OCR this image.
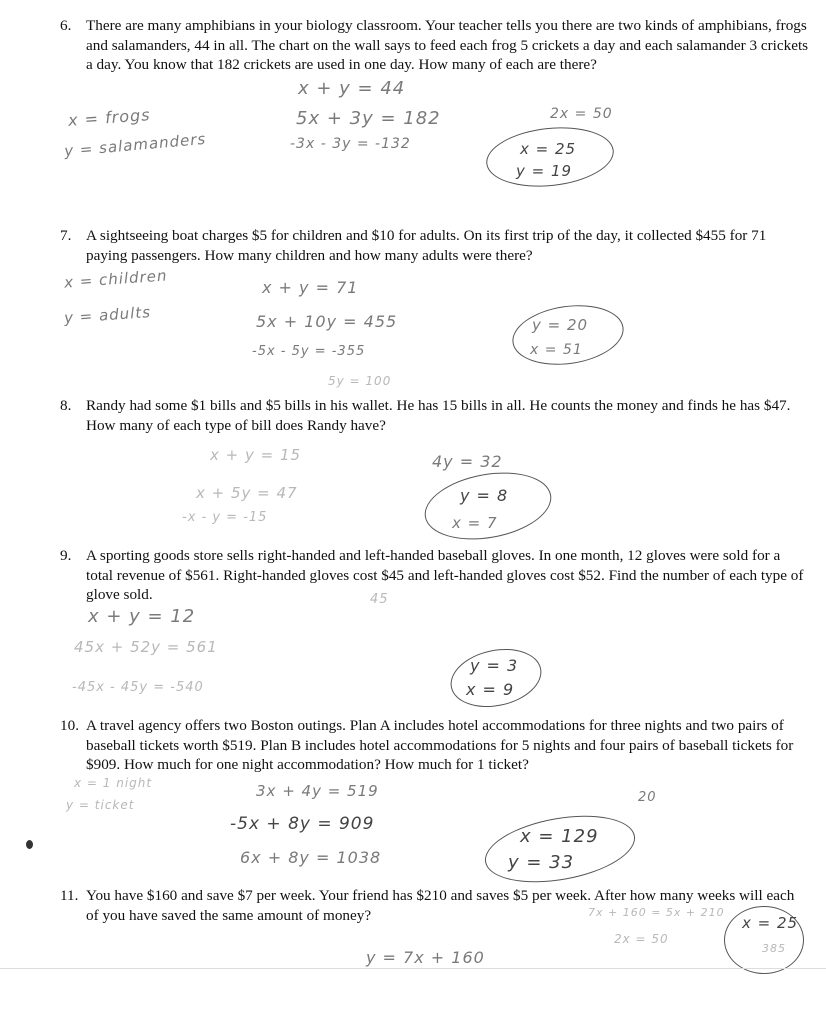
6. There are many amphibians in your biology classroom. Your teacher tells you there are two kinds of amphibians, frogs and salamanders, 44 in all. The chart on the wall says to feed each frog 5 crickets a day and each salamander 3 crickets a day. You know that 182 crickets are used in one day. How many of each are there?
x + y = 44
x = frogs	5x + 3y = 182	2x = 50
y = salamanders	-3x - 3y = -132	x = 25
y = 19
7. A sightseeing boat charges $5 for children and $10 for adults. On its first trip of the day, it collected $455 for 71 paying passengers. How many children and how many adults were there?
x = children	x + y = 71
y = adults	5x + 10y = 455	y = 20
x = 51
-5x - 5y = -355
5y = 100
8. Randy had some $1 bills and $5 bills in his wallet. He has 15 bills in all. He counts the money and finds he has $47. How many of each type of bill does Randy have?
x + y = 15	4y = 32
x + 5y = 47	y = 8
-x - y = -15	x = 7
9. A sporting goods store sells right-handed and left-handed baseball gloves. In one month, 12 gloves were sold for a total revenue of $561. Right-handed gloves cost $45 and left-handed gloves cost $52. Find the number of each type of glove sold.	45
x + y = 12
45x + 52y = 561
y = 3
-45x - 45y = -540	x = 9
10. A travel agency offers two Boston outings. Plan A includes hotel accommodations for three nights and two pairs of baseball tickets worth $519. Plan B includes hotel accommodations for 5 nights and four pairs of baseball tickets for $909. How much for one night accommodation? How much for 1 ticket?
x = 1 night	3x + 4y = 519	20
y = ticket
-5x + 8y = 909
x = 129
6x + 8y = 1038	y = 33
11. You have $160 and save $7 per week. Your friend has $210 and saves $5 per week. After how many weeks will each of you have saved the same amount of money?	7x + 160 = 5x + 210
x = 25
2x = 50
385
y = 7x + 160
